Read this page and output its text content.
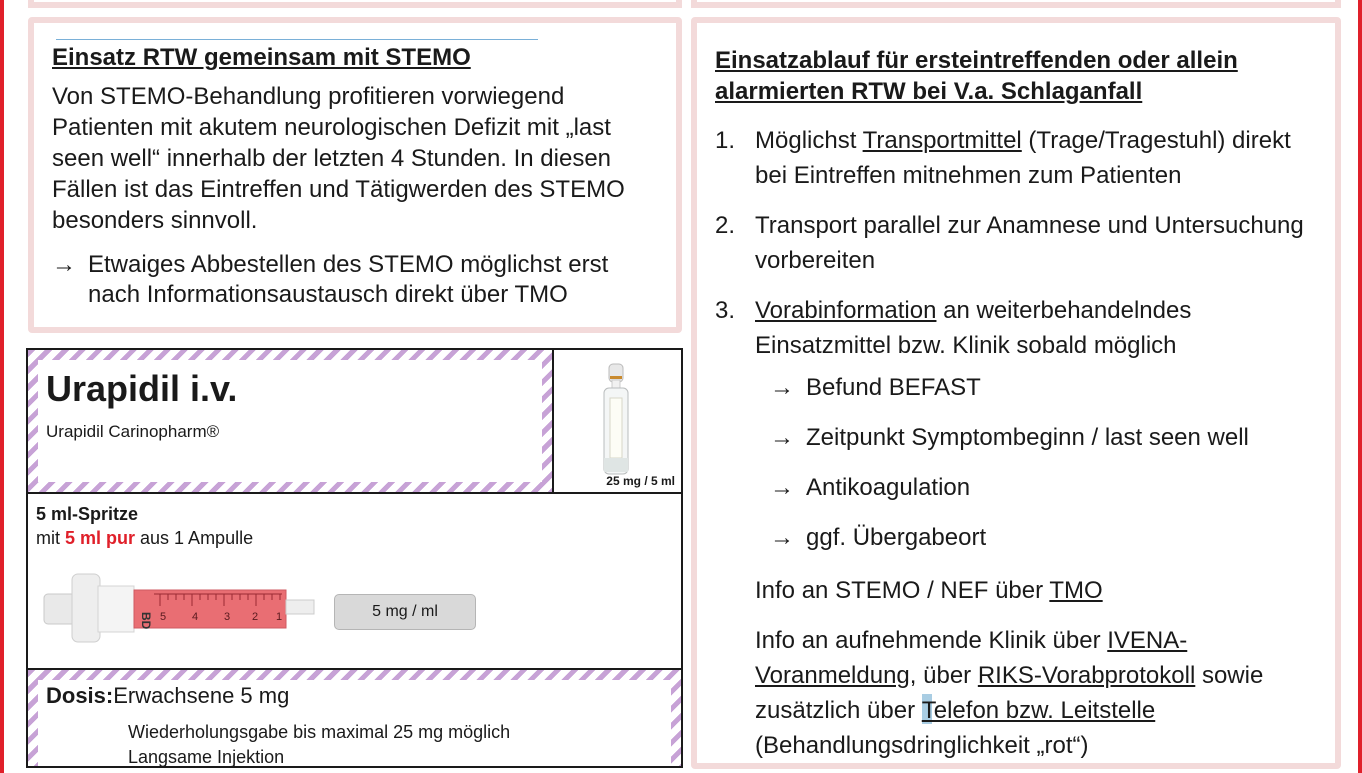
Einsatz RTW gemeinsam mit STEMO

Von STEMO-Behandlung profitieren vorwiegend Patienten mit akutem neurologischen Defizit mit „last seen well“ innerhalb der letzten 4 Stunden. In diesen Fällen ist das Eintreffen und Tätigwerden des STEMO besonders sinnvoll.

→ Etwaiges Abbestellen des STEMO möglichst erst nach Informationsaustausch direkt über TMO
Einsatzablauf für ersteintreffenden oder allein alarmierten RTW bei V.a. Schlaganfall
1. Möglichst Transportmittel (Trage/Tragestuhl) direkt bei Eintreffen mitnehmen zum Patienten
2. Transport parallel zur Anamnese und Untersuchung vorbereiten
3. Vorabinformation an weiterbehandelndes Einsatzmittel bzw. Klinik sobald möglich
→ Befund BEFAST
→ Zeitpunkt Symptombeginn / last seen well
→ Antikoagulation
→ ggf. Übergabeort
Info an STEMO / NEF über TMO
Info an aufnehmende Klinik über IVENA-Voranmeldung, über RIKS-Vorabprotokoll sowie zusätzlich über Telefon bzw. Leitstelle (Behandlungsdringlichkeit „rot“)
Urapidil i.v.
Urapidil Carinopharm®
25 mg / 5 ml
5 ml-Spritze
mit 5 ml pur aus 1 Ampulle
BD 5 4 3 2 1	5 mg / ml
Dosis:Erwachsene 5 mg
Wiederholungsgabe bis maximal 25 mg möglich
Langsame Injektion
